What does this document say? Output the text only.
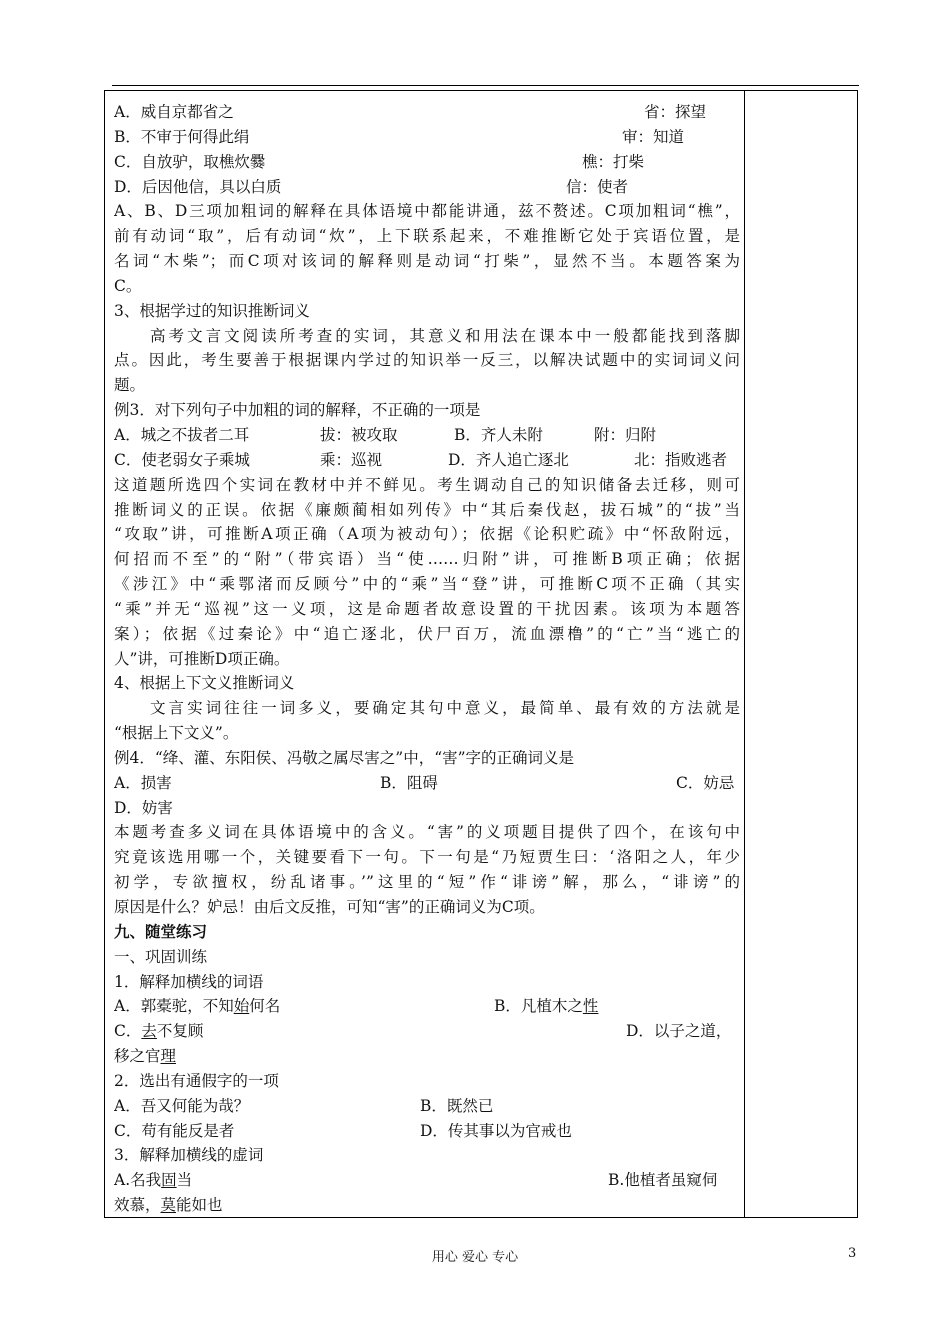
A．威自京都省之	省：探望
B．不审于何得此绢	审：知道
C．自放驴，取樵炊爨	樵：打柴
D．后因他信，具以白质	信：使者
A、B、D三项加粗词的解释在具体语境中都能讲通，兹不赘述。C项加粗词“樵”，
前有动词“取”，后有动词“炊”，上下联系起来，不难推断它处于宾语位置，是
名词“木柴”；而C项对该词的解释则是动词“打柴”，显然不当。本题答案为
C。
3、根据学过的知识推断词义
高考文言文阅读所考查的实词，其意义和用法在课本中一般都能找到落脚
点。因此，考生要善于根据课内学过的知识举一反三，以解决试题中的实词词义问
题。
例3．对下列句子中加粗的词的解释，不正确的一项是
A．城之不拔者二耳	拔：被攻取	B．齐人未附	附：归附
C．使老弱女子乘城	乘：巡视	D．齐人追亡逐北	北：指败逃者
这道题所选四个实词在教材中并不鲜见。考生调动自己的知识储备去迁移，则可
推断词义的正误。依据《廉颇蔺相如列传》中“其后秦伐赵，拔石城”的“拔”当
“攻取”讲，可推断A项正确（A项为被动句）；依据《论积贮疏》中“怀敌附远，
何招而不至”的“附”（带宾语）当“使……归附”讲，可推断B项正确；依据
《涉江》中“乘鄂渚而反顾兮”中的“乘”当“登”讲，可推断C项不正确（其实
“乘”并无“巡视”这一义项，这是命题者故意设置的干扰因素。该项为本题答
案）；依据《过秦论》中“追亡逐北，伏尸百万，流血漂橹”的“亡”当“逃亡的
人”讲，可推断D项正确。
4、根据上下文义推断词义
文言实词往往一词多义，要确定其句中意义，最简单、最有效的方法就是
“根据上下文义”。
例4．“绛、灌、东阳侯、冯敬之属尽害之”中，“害”字的正确词义是
A．损害	B．阻碍	C．妨忌
D．妨害
本题考查多义词在具体语境中的含义。“害”的义项题目提供了四个，在该句中
究竟该选用哪一个，关键要看下一句。下一句是“乃短贾生曰：‘洛阳之人，年少
初学，专欲擅权，纷乱诸事。’”这里的“短”作“诽谤”解，那么，“诽谤”的
原因是什么？妒忌！由后文反推，可知“害”的正确词义为C项。
九、随堂练习
一、巩固训练
1．解释加横线的词语
A．郭橐驼，不知始何名	B．凡植木之性
C．去不复顾	D．以子之道，
移之官理
2．选出有通假字的一项
A．吾又何能为哉？	B．既然已
C．苟有能反是者	D．传其事以为官戒也
3．解释加横线的虚词
A.名我固当	B.他植者虽窥伺
效慕，莫能如也
用心 爱心 专心	3
